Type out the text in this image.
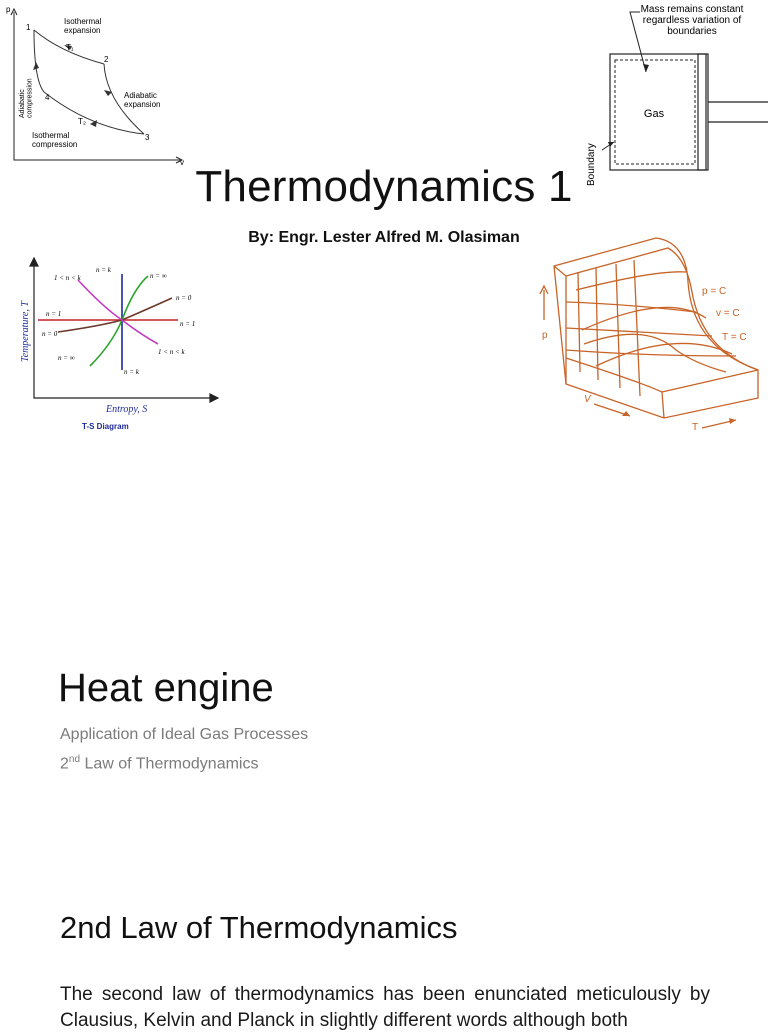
p
v
1
2
3
4
Isothermal expansion
T₁
Adiabatic expansion
T₂
Adiabaticcompression
Isothermal compression
Mass remains constant regardless variation of boundaries
Gas
Boundary
Thermodynamics 1
By: Engr. Lester Alfred M. Olasiman
Temperature, T
Entropy, S
T-S Diagram
n = k
n = ∞
1 < n < k
n = 0
n = 1
n = 1
n = 0
1 < n < k
n = ∞
n = k
p
p = C
v = C
T = C
V
T
Heat engine
Application of Ideal Gas Processes
2nd Law of Thermodynamics
2nd Law of Thermodynamics
The second law of thermodynamics has been enunciated meticulously by Clausius, Kelvin and Planck in slightly different words although both
